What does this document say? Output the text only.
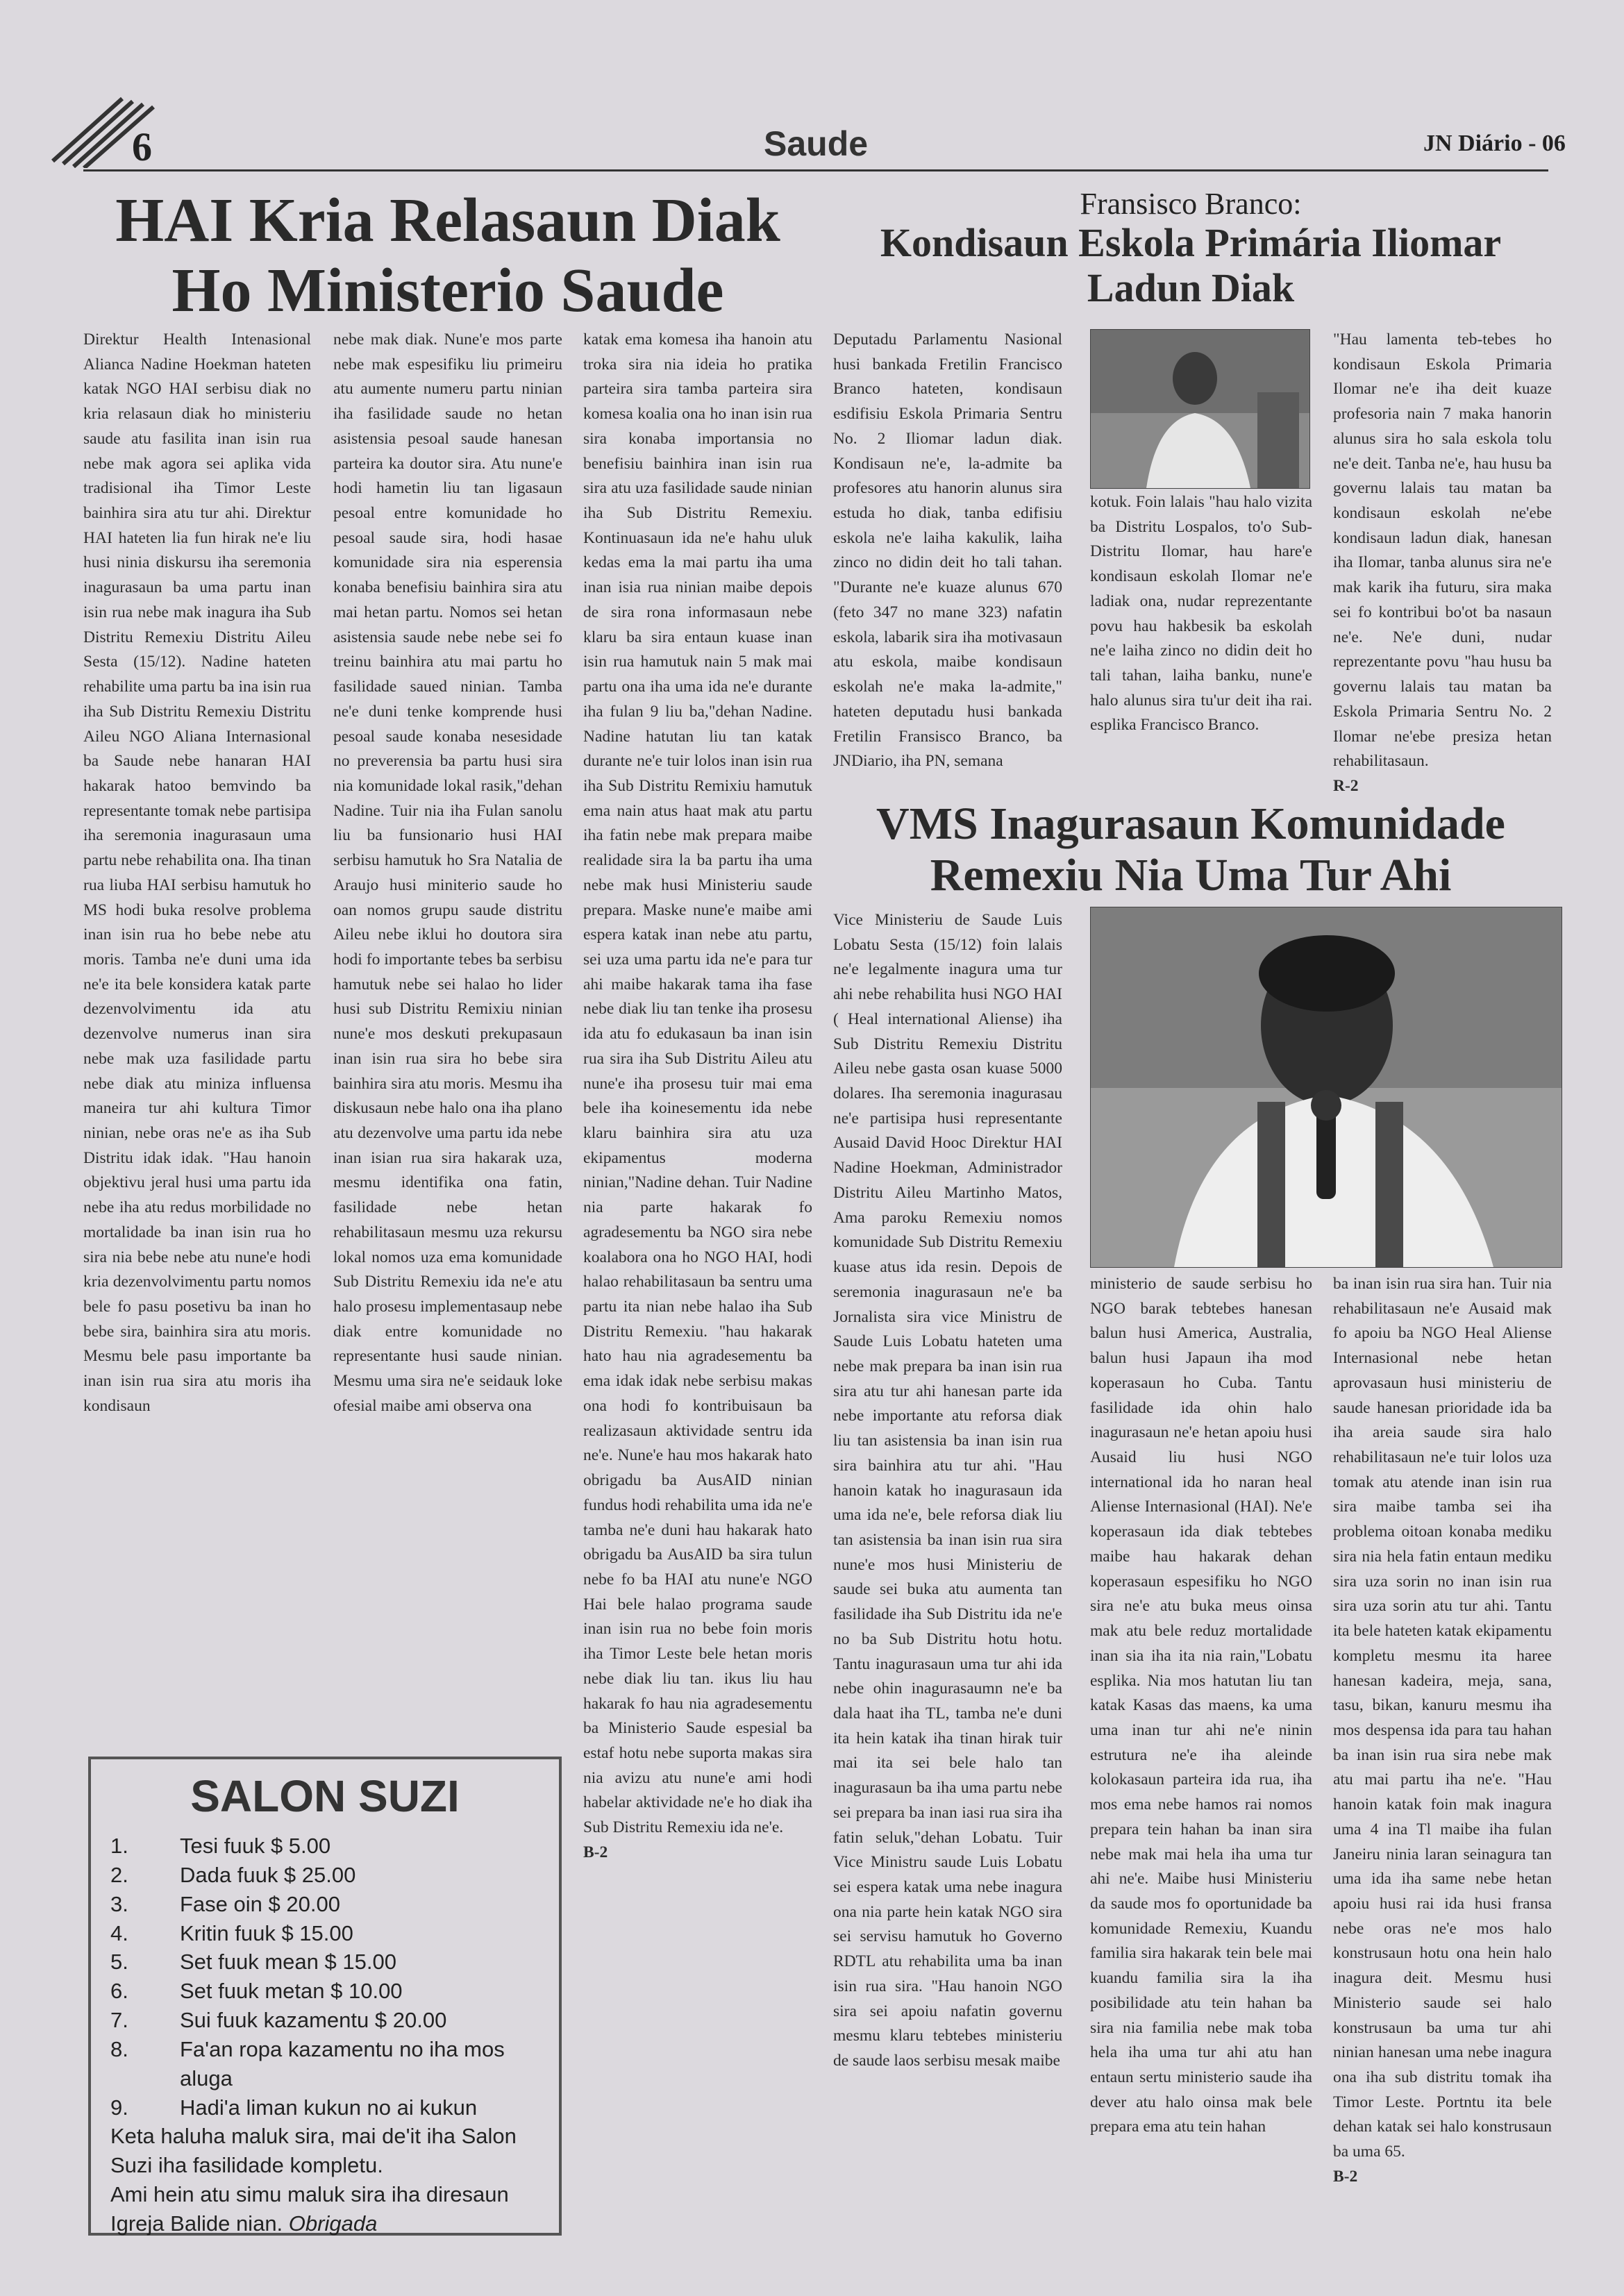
6	Saude	JN Diário - 06
HAI Kria Relasaun Diak
Ho Ministerio Saude

Direktur Health Intenasional Alianca Nadine Hoekman hateten katak NGO HAI serbisu diak no kria relasaun diak ho ministeriu saude atu fasilita inan isin rua nebe mak agora sei aplika vida tradisional iha Timor Leste bainhira sira atu tur ahi. Direktur HAI hateten lia fun hirak ne'e liu husi ninia diskursu iha seremonia inagurasaun ba uma partu inan isin rua nebe mak inagura iha Sub Distritu Remexiu Distritu Aileu Sesta (15/12). Nadine hateten rehabilite uma partu ba ina isin rua iha Sub Distritu Remexiu Distritu Aileu NGO Aliana Internasional ba Saude nebe hanaran HAI hakarak hatoo bemvindo ba representante tomak nebe partisipa iha seremonia inagurasaun uma partu nebe rehabilita ona. Iha tinan rua liuba HAI serbisu hamutuk ho MS hodi buka resolve problema inan isin rua ho bebe nebe atu moris. Tamba ne'e duni uma ida ne'e ita bele konsidera katak parte dezenvolvimentu ida atu dezenvolve numerus inan sira nebe mak uza fasilidade partu nebe diak atu miniza influensa maneira tur ahi kultura Timor ninian, nebe oras ne'e as iha Sub Distritu idak idak. "Hau hanoin objektivu jeral husi uma partu ida nebe iha atu redus morbilidade no mortalidade ba inan isin rua ho sira nia bebe nebe atu nune'e hodi kria dezenvolvimentu partu nomos bele fo pasu posetivu ba inan ho bebe sira, bainhira sira atu moris. Mesmu bele pasu importante ba inan isin rua sira atu moris iha kondisaun

nebe mak diak. Nune'e mos parte nebe mak espesifiku liu primeiru atu aumente numeru partu ninian iha fasilidade saude no hetan asistensia pesoal saude hanesan parteira ka doutor sira. Atu nune'e hodi hametin liu tan ligasaun pesoal entre komunidade ho pesoal saude sira, hodi hasae komunidade sira nia esperensia konaba benefisiu bainhira sira atu mai hetan partu. Nomos sei hetan asistensia saude nebe nebe sei fo treinu bainhira atu mai partu ho fasilidade saued ninian. Tamba ne'e duni tenke komprende husi pesoal saude konaba nesesidade no preverensia ba partu husi sira nia komunidade lokal rasik,"dehan Nadine. Tuir nia iha Fulan sanolu liu ba funsionario husi HAI serbisu hamutuk ho Sra Natalia de Araujo husi miniterio saude ho oan nomos grupu saude distritu Aileu nebe iklui ho doutora sira hodi fo importante tebes ba serbisu hamutuk nebe sei halao ho lider husi sub Distritu Remixiu ninian nune'e mos deskuti prekupasaun inan isin rua sira ho bebe sira bainhira sira atu moris. Mesmu iha diskusaun nebe halo ona iha plano atu dezenvolve uma partu ida nebe inan isian rua sira hakarak uza, mesmu identifika ona fatin, fasilidade nebe hetan rehabilitasaun mesmu uza rekursu lokal nomos uza ema komunidade Sub Distritu Remexiu ida ne'e atu halo prosesu implementasaup nebe diak entre komunidade no representante husi saude ninian. Mesmu uma sira ne'e seidauk loke ofesial maibe ami observa ona

katak ema komesa iha hanoin atu troka sira nia ideia ho pratika parteira sira tamba parteira sira komesa koalia ona ho inan isin rua sira konaba importansia no benefisiu bainhira inan isin rua sira atu uza fasilidade saude ninian iha Sub Distritu Remexiu. Kontinuasaun ida ne'e hahu uluk kedas ema la mai partu iha uma inan isia rua ninian maibe depois de sira rona informasaun nebe klaru ba sira entaun kuase inan isin rua hamutuk nain 5 mak mai partu ona iha uma ida ne'e durante iha fulan 9 liu ba,"dehan Nadine. Nadine hatutan liu tan katak durante ne'e tuir lolos inan isin rua iha Sub Distritu Remixiu hamutuk ema nain atus haat mak atu partu iha fatin nebe mak prepara maibe realidade sira la ba partu iha uma nebe mak husi Ministeriu saude prepara. Maske nune'e maibe ami espera katak inan nebe atu partu, sei uza uma partu ida ne'e para tur ahi maibe hakarak tama iha fase nebe diak liu tan tenke iha prosesu ida atu fo edukasaun ba inan isin rua sira iha Sub Distritu Aileu atu nune'e iha prosesu tuir mai ema bele iha koinesementu ida nebe klaru bainhira sira atu uza ekipamentus moderna ninian,"Nadine dehan. Tuir Nadine nia parte hakarak fo agradesementu ba NGO sira nebe koalabora ona ho NGO HAI, hodi halao rehabilitasaun ba sentru uma partu ita nian nebe halao iha Sub Distritu Remexiu. "hau hakarak hato hau nia agradesementu ba ema idak idak nebe serbisu makas ona hodi fo kontribuisaun ba realizasaun aktividade sentru ida ne'e. Nune'e hau mos hakarak hato obrigadu ba AusAID ninian fundus hodi rehabilita uma ida ne'e tamba ne'e duni hau hakarak hato obrigadu ba AusAID ba sira tulun nebe fo ba HAI atu nune'e NGO Hai bele halao programa saude inan isin rua no bebe foin moris iha Timor Leste bele hetan moris nebe diak liu tan. ikus liu hau hakarak fo hau nia agradesementu ba Ministerio Saude espesial ba estaf hotu nebe suporta makas sira nia avizu atu nune'e ami hodi habelar aktividade ne'e ho diak iha Sub Distritu Remexiu ida ne'e.

B-2
Fransisco Branco:
Kondisaun Eskola Primária Iliomar
Ladun Diak

Deputadu Parlamentu Nasional husi bankada Fretilin Francisco Branco hateten, kondisaun esdifisiu Eskola Primaria Sentru No. 2 Iliomar ladun diak. Kondisaun ne'e, la-admite ba profesores atu hanorin alunus sira estuda ho diak, tanba edifisiu eskola ne'e laiha kakulik, laiha zinco no didin deit ho tali tahan. "Durante ne'e kuaze alunus 670 (feto 347 no mane 323) nafatin eskola, labarik sira iha motivasaun atu eskola, maibe kondisaun eskolah ne'e maka la-admite," hateten deputadu husi bankada Fretilin Fransisco Branco, ba JNDiario, iha PN, semana

kotuk. Foin lalais "hau halo vizita ba Distritu Lospalos, to'o Sub-Distritu Ilomar, hau hare'e kondisaun eskolah Ilomar ne'e ladiak ona, nudar reprezentante povu hau hakbesik ba eskolah ne'e laiha zinco no didin deit ho tali tahan, laiha banku, nune'e halo alunus sira tu'ur deit iha rai. esplika Francisco Branco.

"Hau lamenta teb-tebes ho kondisaun Eskola Primaria Ilomar ne'e iha deit kuaze profesoria nain 7 maka hanorin alunus sira ho sala eskola tolu ne'e deit. Tanba ne'e, hau husu ba governu lalais tau matan ba kondisaun eskolah ne'ebe kondisaun ladun diak, hanesan iha Ilomar, tanba alunus sira ne'e mak karik iha futuru, sira maka sei fo kontribui bo'ot ba nasaun ne'e. Ne'e duni, nudar reprezentante povu "hau husu ba governu lalais tau matan ba Eskola Primaria Sentru No. 2 Ilomar ne'ebe presiza hetan rehabilitasaun.

R-2
VMS Inagurasaun Komunidade
Remexiu Nia Uma Tur Ahi

Vice Ministeriu de Saude Luis Lobatu Sesta (15/12) foin lalais ne'e legalmente inagura uma tur ahi nebe rehabilita husi NGO HAI ( Heal international Aliense) iha Sub Distritu Remexiu Distritu Aileu nebe gasta osan kuase 5000 dolares. Iha seremonia inagurasau ne'e partisipa husi representante Ausaid David Hooc Direktur HAI Nadine Hoekman, Administrador Distritu Aileu Martinho Matos, Ama paroku Remexiu nomos komunidade Sub Distritu Remexiu kuase atus ida resin. Depois de seremonia inagurasaun ne'e ba Jornalista sira vice Ministru de Saude Luis Lobatu hateten uma nebe mak prepara ba inan isin rua sira atu tur ahi hanesan parte ida nebe importante atu reforsa diak liu tan asistensia ba inan isin rua sira bainhira atu tur ahi. "Hau hanoin katak ho inagurasaun ida uma ida ne'e, bele reforsa diak liu tan asistensia ba inan isin rua sira nune'e mos husi Ministeriu de saude sei buka atu aumenta tan fasilidade iha Sub Distritu ida ne'e no ba Sub Distritu hotu hotu. Tantu inagurasaun uma tur ahi ida nebe ohin inagurasaumn ne'e ba dala haat iha TL, tamba ne'e duni ita hein katak iha tinan hirak tuir mai ita sei bele halo tan inagurasaun ba iha uma partu nebe sei prepara ba inan iasi rua sira iha fatin seluk,"dehan Lobatu. Tuir Vice Ministru saude Luis Lobatu sei espera katak uma nebe inagura ona nia parte hein katak NGO sira sei servisu hamutuk ho Governo RDTL atu rehabilita uma ba inan isin rua sira. "Hau hanoin NGO sira sei apoiu nafatin governu mesmu klaru tebtebes ministeriu de saude laos serbisu mesak maibe

ministerio de saude serbisu ho NGO barak tebtebes hanesan balun husi America, Australia, balun husi Japaun iha mod koperasaun ho Cuba. Tantu fasilidade ida ohin halo inagurasaun ne'e hetan apoiu husi Ausaid liu husi NGO international ida ho naran heal Aliense Internasional (HAI). Ne'e koperasaun ida diak tebtebes maibe hau hakarak dehan koperasaun espesifiku ho NGO sira ne'e atu buka meus oinsa mak atu bele reduz mortalidade inan sia iha ita nia rain,"Lobatu esplika. Nia mos hatutan liu tan katak Kasas das maens, ka uma uma inan tur ahi ne'e ninin estrutura ne'e iha aleinde kolokasaun parteira ida rua, iha mos ema nebe hamos rai nomos prepara tein hahan ba inan sira nebe mak mai hela iha uma tur ahi ne'e. Maibe husi Ministeriu da saude mos fo oportunidade ba komunidade Remexiu, Kuandu familia sira hakarak tein bele mai kuandu familia sira la iha posibilidade atu tein hahan ba sira nia familia nebe mak toba hela iha uma tur ahi atu han entaun sertu ministerio saude iha dever atu halo oinsa mak bele prepara ema atu tein hahan

ba inan isin rua sira han. Tuir nia rehabilitasaun ne'e Ausaid mak fo apoiu ba NGO Heal Aliense Internasional nebe hetan aprovasaun husi ministeriu de saude hanesan prioridade ida ba iha areia saude sira halo rehabilitasaun ne'e tuir lolos uza tomak atu atende inan isin rua sira maibe tamba sei iha problema oitoan konaba mediku sira nia hela fatin entaun mediku sira uza sorin no inan isin rua sira uza sorin atu tur ahi. Tantu ita bele hateten katak ekipamentu kompletu mesmu ita haree hanesan kadeira, meja, sana, tasu, bikan, kanuru mesmu iha mos despensa ida para tau hahan ba inan isin rua sira nebe mak atu mai partu iha ne'e. "Hau hanoin katak foin mak inagura uma 4 ina Tl maibe iha fulan Janeiru ninia laran seinagura tan uma ida iha same nebe hetan apoiu husi rai ida husi fransa nebe oras ne'e mos halo konstrusaun hotu ona hein halo inagura deit. Mesmu husi Ministerio saude sei halo konstrusaun ba uma tur ahi ninian hanesan uma nebe inagura ona iha sub distritu tomak iha Timor Leste. Portntu ita bele dehan katak sei halo konstrusaun ba uma 65.

B-2
SALON SUZI
1.	Tesi fuuk $ 5.00
2.	Dada fuuk $ 25.00
3.	Fase oin $ 20.00
4.	Kritin fuuk $ 15.00
5.	Set fuuk mean $ 15.00
6.	Set fuuk metan $ 10.00
7.	Sui fuuk kazamentu $ 20.00
8.	Fa'an ropa kazamentu no iha mos aluga
9.	Hadi'a liman kukun no ai kukun
Keta haluha maluk sira, mai de'it iha Salon Suzi iha fasilidade kompletu.
Ami hein atu simu maluk sira iha diresaun Igreja Balide nian. Obrigada
